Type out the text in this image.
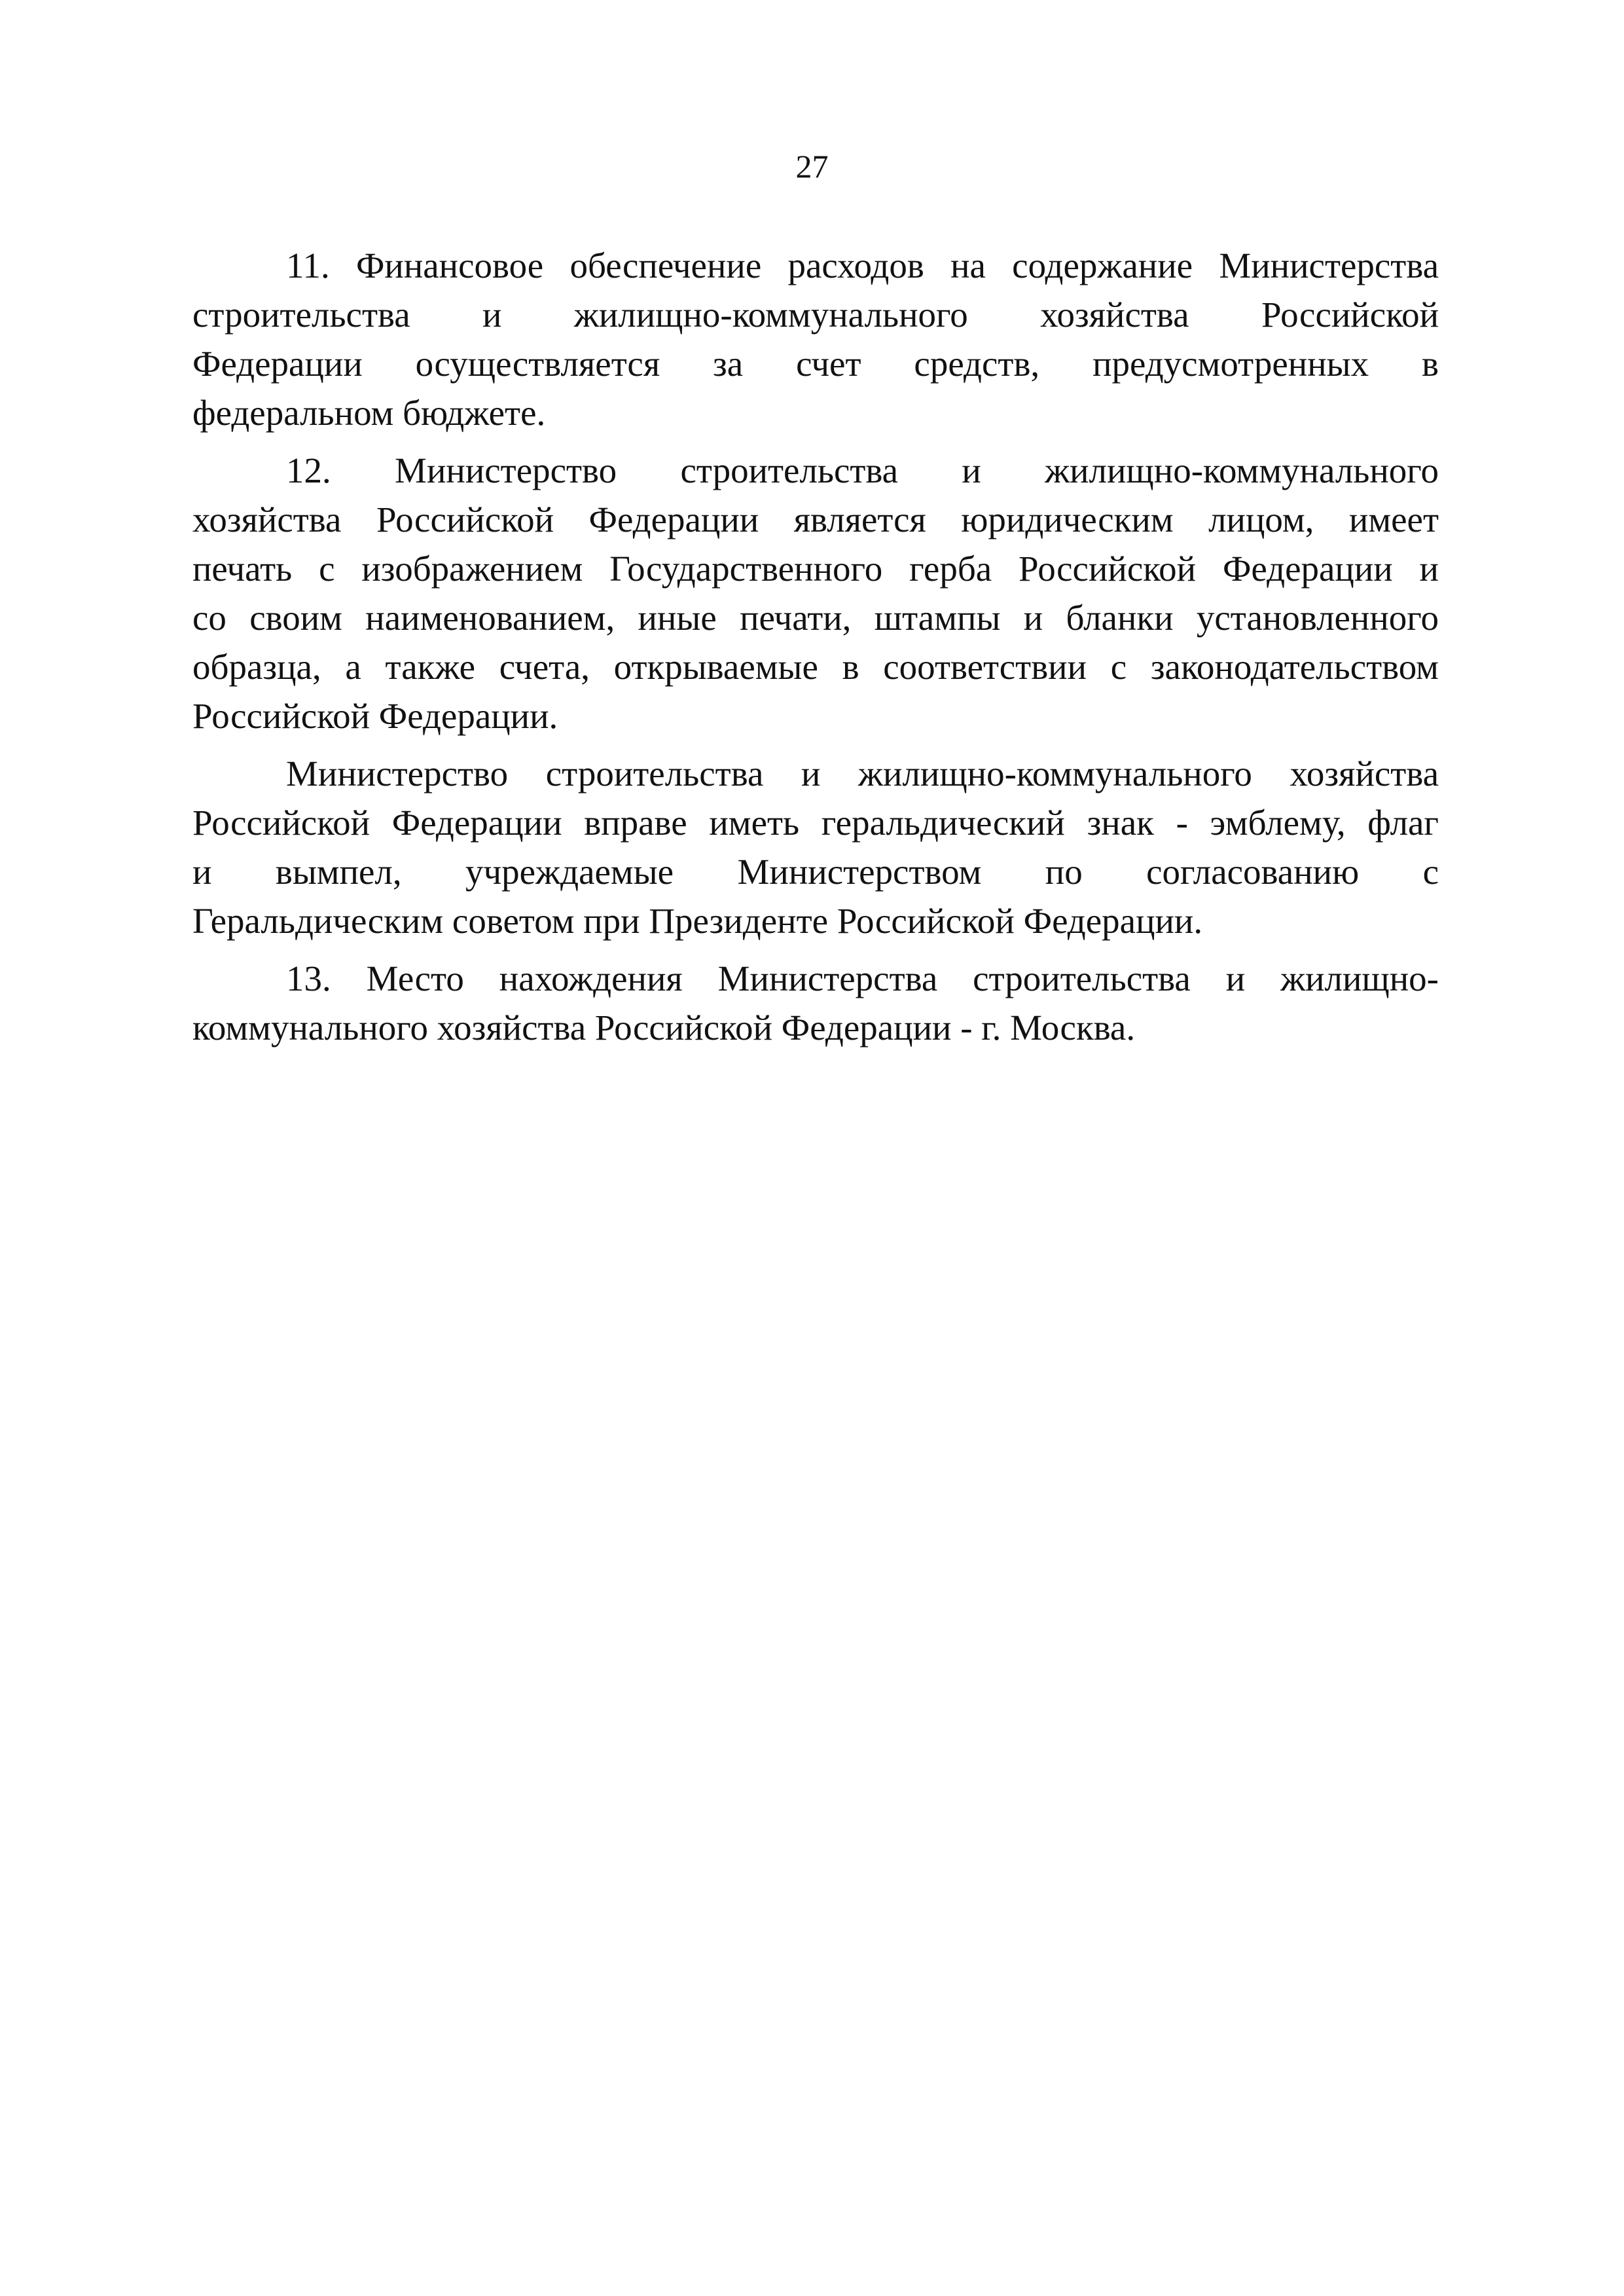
27
11. Финансовое обеспечение расходов на содержание Министерства
строительства и жилищно-коммунального хозяйства Российской
Федерации осуществляется за счет средств, предусмотренных в
федеральном бюджете.
12. Министерство строительства и жилищно-коммунального
хозяйства Российской Федерации является юридическим лицом, имеет
печать с изображением Государственного герба Российской Федерации и
со своим наименованием, иные печати, штампы и бланки установленного
образца, а также счета, открываемые в соответствии с законодательством
Российской Федерации.
Министерство строительства и жилищно-коммунального хозяйства
Российской Федерации вправе иметь геральдический знак - эмблему, флаг
и вымпел, учреждаемые Министерством по согласованию с
Геральдическим советом при Президенте Российской Федерации.
13. Место нахождения Министерства строительства и жилищно-
коммунального хозяйства Российской Федерации - г. Москва.
